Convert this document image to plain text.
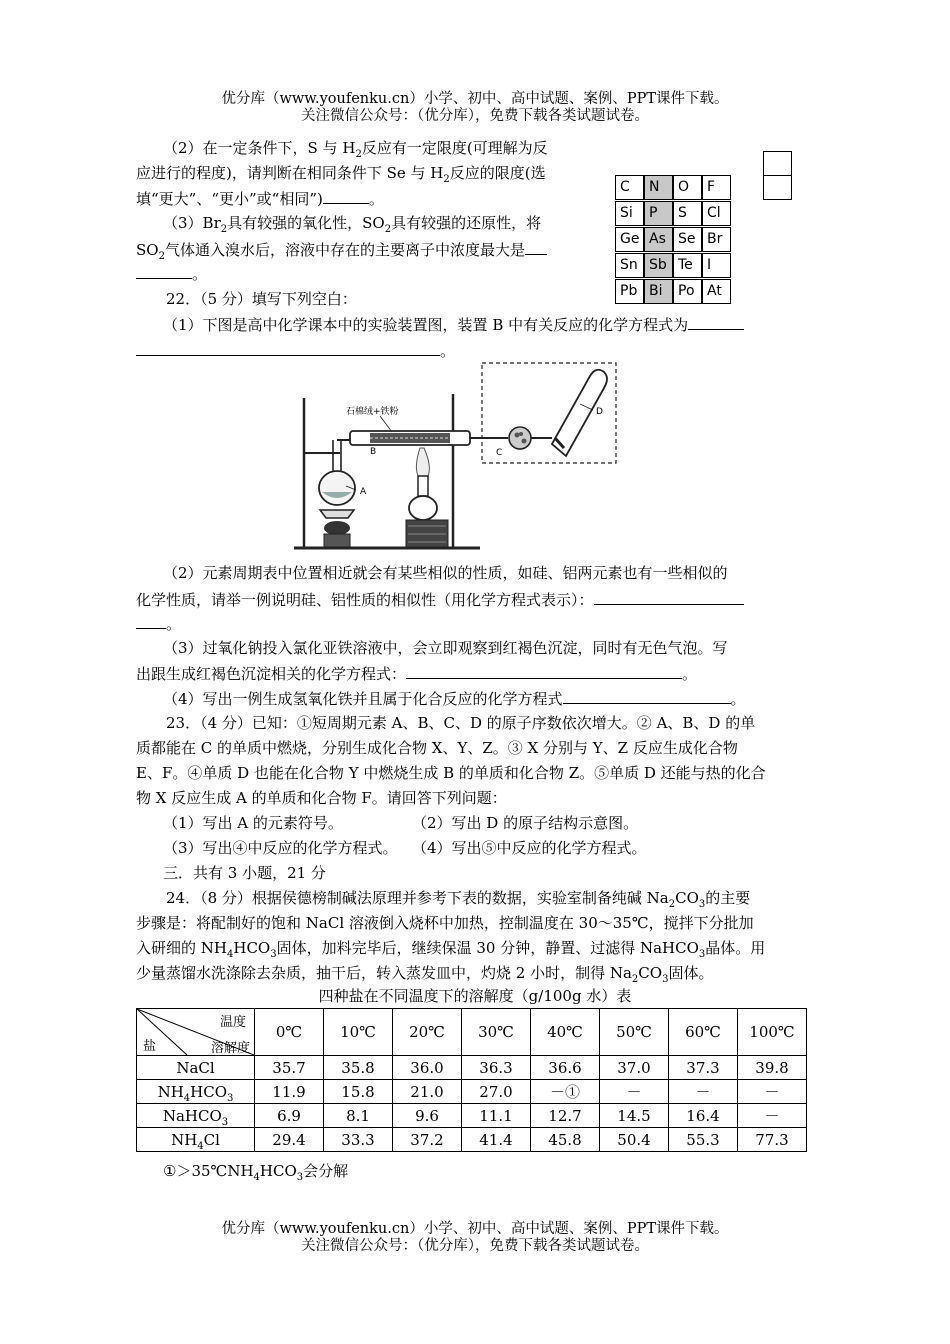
优分库（www.youfenku.cn）小学、初中、高中试题、案例、PPT课件下载。
关注微信公众号：（优分库），免费下载各类试题试卷。
（2）在一定条件下，S 与 $H_2$反应有一定限度(可理解为反
应进行的程度)，请判断在相同条件下 Se 与 $H_2$反应的限度(选
填“更大”、“更小”或“相同”)	。
$(3)Br_2$具有较强的氧化性，$SO_2$具有较强的还原性，将
$SO_2$气体通入溴水后，溶液中存在的主要离子中浓度最大是
。
C	N	O	F
Si	P	S	Cl
Ge As Se Br
Sn Sb Te	I
Pb Bi	Po At
22．（5 分）填写下列空白：
（1）下图是高中化学课本中的实验装置图，装置 B 中有关反应的化学方程式为
。
石棉绒+铁粉
B
A
C
D
（2）元素周期表中位置相近就会有某些相似的性质，如硅、铝两元素也有一些相似的
化学性质，请举一例说明硅、铝性质的相似性（用化学方程式表示）：
。
（3）过氧化钠投入氯化亚铁溶液中，会立即观察到红褐色沉淀，同时有无色气泡。写
出跟生成红褐色沉淀相关的化学方程式：	。
（4）写出一例生成氢氧化铁并且属于化合反应的化学方程式	。
23．（4 分）已知：①短周期元素 A、B、C、D 的原子序数依次增大。② A、B、D 的单
质都能在 C 的单质中燃烧，分别生成化合物 X、Y、Z。③ X 分别与 Y、Z 反应生成化合物
E、F。④单质 D 也能在化合物 Y 中燃烧生成 B 的单质和化合物 Z。⑤单质 D 还能与热的化合
物 X 反应生成 A 的单质和化合物 F。请回答下列问题：
（1）写出 A 的元素符号。	（2）写出 D 的原子结构示意图。
（3）写出④中反应的化学方程式。 （4）写出⑤中反应的化学方程式。
三．共有 3 小题，21 分
24．（8 分）根据侯德榜制碱法原理并参考下表的数据，实验室制备纯碱 $Na_2CO_3$的主要
步骤是：将配制好的饱和 NaCl 溶液倒入烧杯中加热，控制温度在 30～35℃，搅拌下分批加
入研细的 $NH_4HCO_3$固体，加料完毕后，继续保温 30 分钟，静置、过滤得 NaHCO$_3$晶体。用
少量蒸馏水洗涤除去杂质，抽干后，转入蒸发皿中，灼烧 2 小时，制得 $Na_2CO_3$固体。
四种盐在不同温度下的溶解度（g/100g 水）表
温度
盐 溶解度	0℃	10℃	20℃	30℃	40℃	50℃	60℃	100℃
NaCl	35.7	35.8	36.0	36.3	36.6	37.0	37.3	39.8
$NH_4HCO_3$	11.9	15.8	21.0	27.0	－①	－	－	－
NaHCO$_3$	6.9	8.1	9.6	11.1	12.7	14.5	16.4	－
$NH_4Cl$	29.4	33.3	37.2	41.4	45.8	50.4	55.3	77.3
$①>35℃NH_4HCO_3$会分解
优分库（www.youfenku.cn）小学、初中、高中试题、案例、PPT课件下载。
关注微信公众号：（优分库），免费下载各类试题试卷。
